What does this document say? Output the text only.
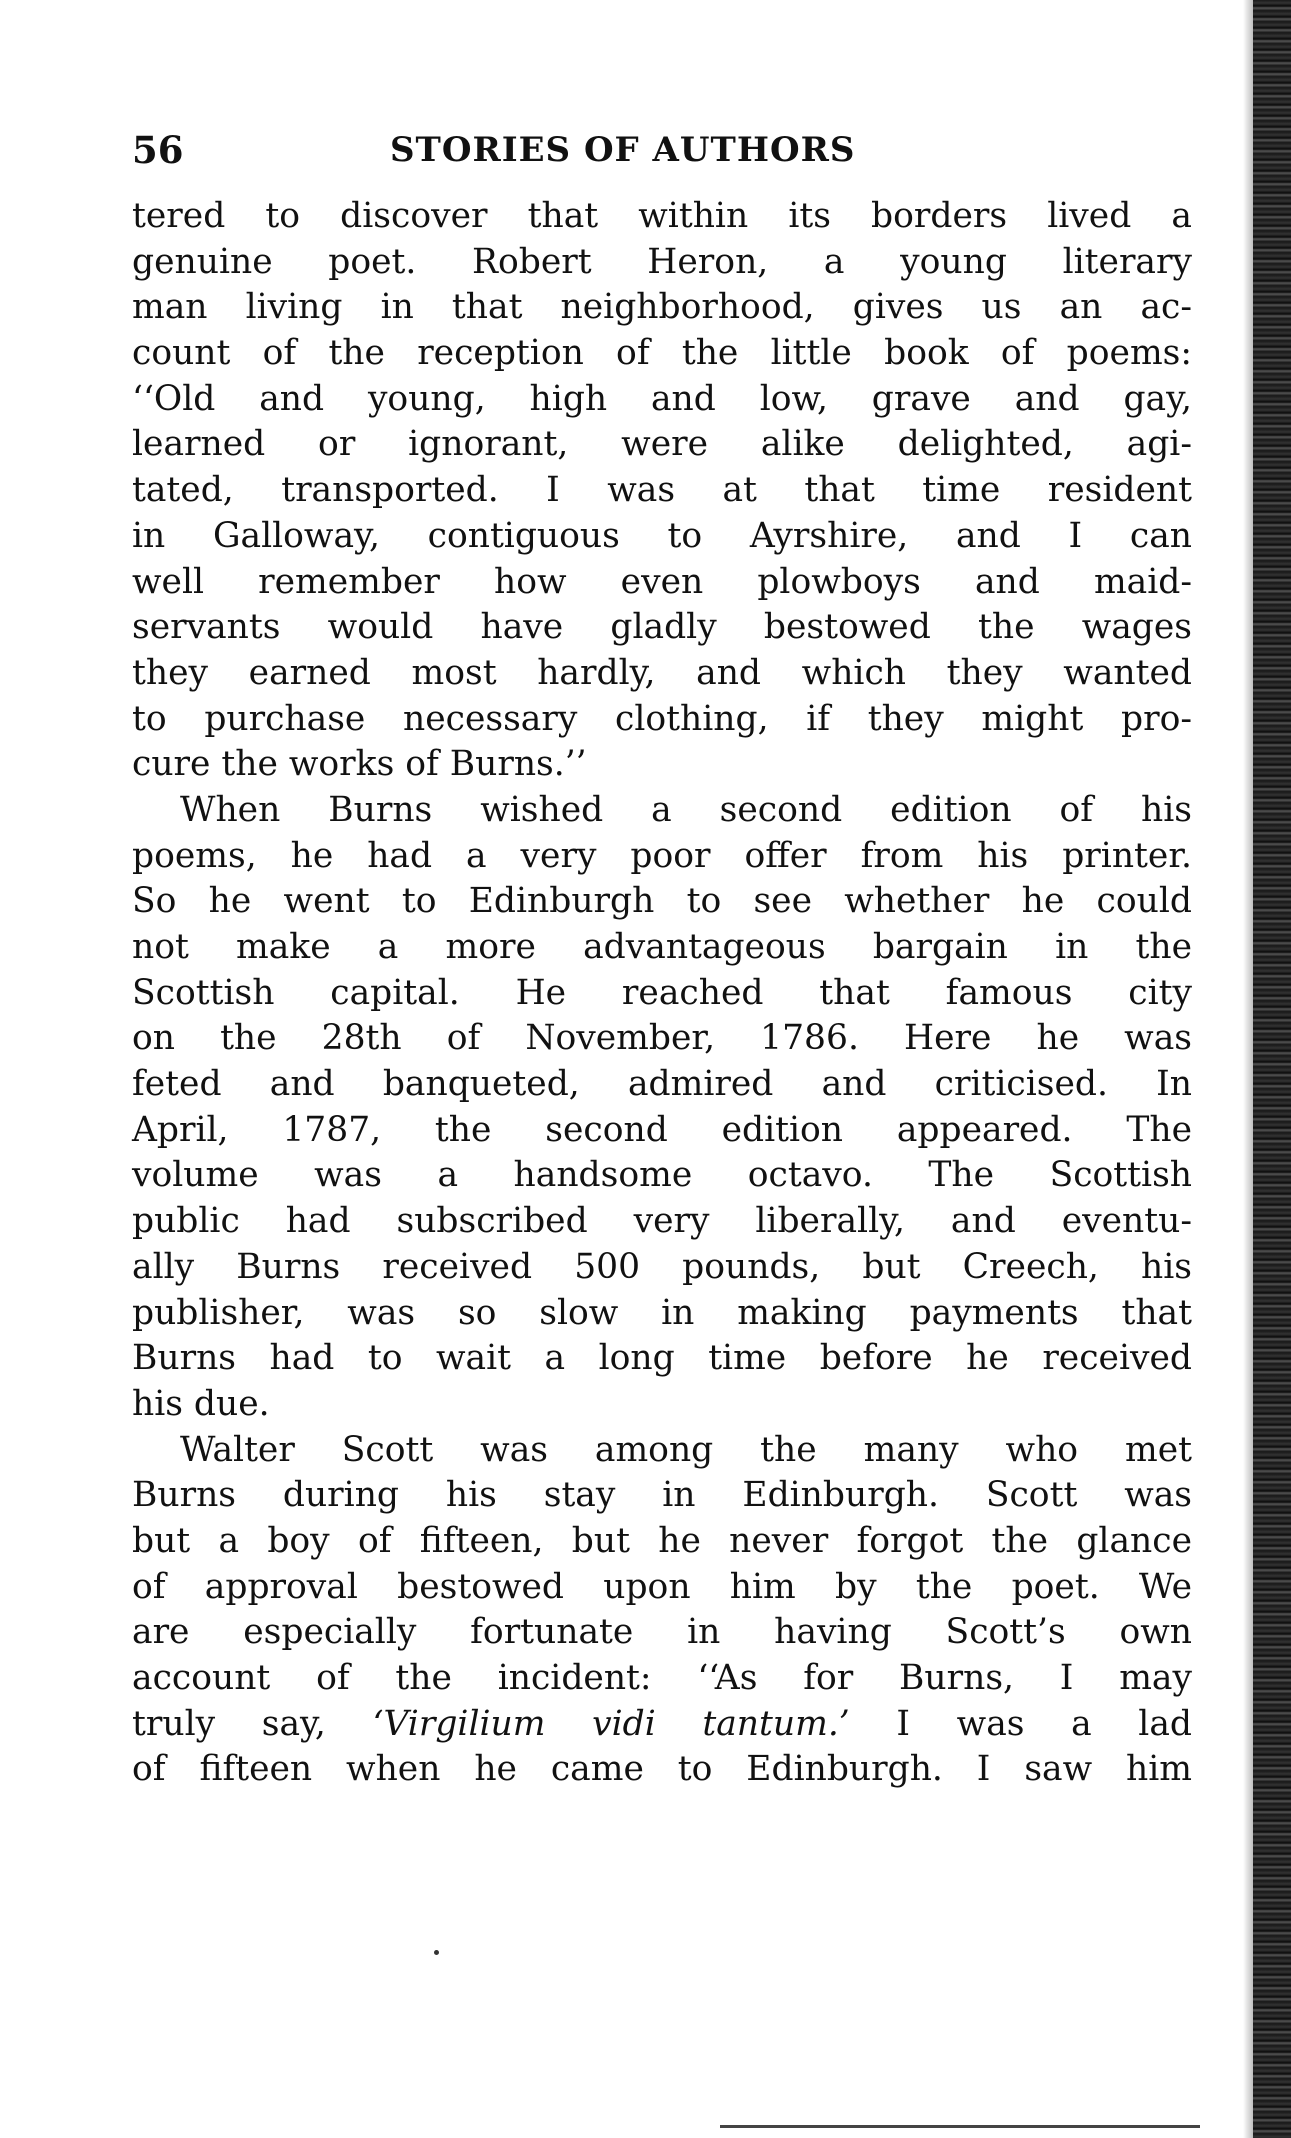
56	STORIES OF AUTHORS
tered to discover that within its borders lived a
genuine poet. Robert Heron, a young literary
man living in that neighborhood, gives us an ac-
count of the reception of the little book of poems:
‘‘Old and young, high and low, grave and gay,
learned or ignorant, were alike delighted, agi-
tated, transported. I was at that time resident
in Galloway, contiguous to Ayrshire, and I can
well remember how even plowboys and maid-
servants would have gladly bestowed the wages
they earned most hardly, and which they wanted
to purchase necessary clothing, if they might pro-
cure the works of Burns.’’
When Burns wished a second edition of his
poems, he had a very poor offer from his printer.
So he went to Edinburgh to see whether he could
not make a more advantageous bargain in the
Scottish capital. He reached that famous city
on the 28th of November, 1786. Here he was
feted and banqueted, admired and criticised. In
April, 1787, the second edition appeared. The
volume was a handsome octavo. The Scottish
public had subscribed very liberally, and eventu-
ally Burns received 500 pounds, but Creech, his
publisher, was so slow in making payments that
Burns had to wait a long time before he received
his due.
Walter Scott was among the many who met
Burns during his stay in Edinburgh. Scott was
but a boy of fifteen, but he never forgot the glance
of approval bestowed upon him by the poet. We
are especially fortunate in having Scott’s own
account of the incident: ‘‘As for Burns, I may
truly say, ‘Virgilium vidi tantum.’ I was a lad
of fifteen when he came to Edinburgh. I saw him
